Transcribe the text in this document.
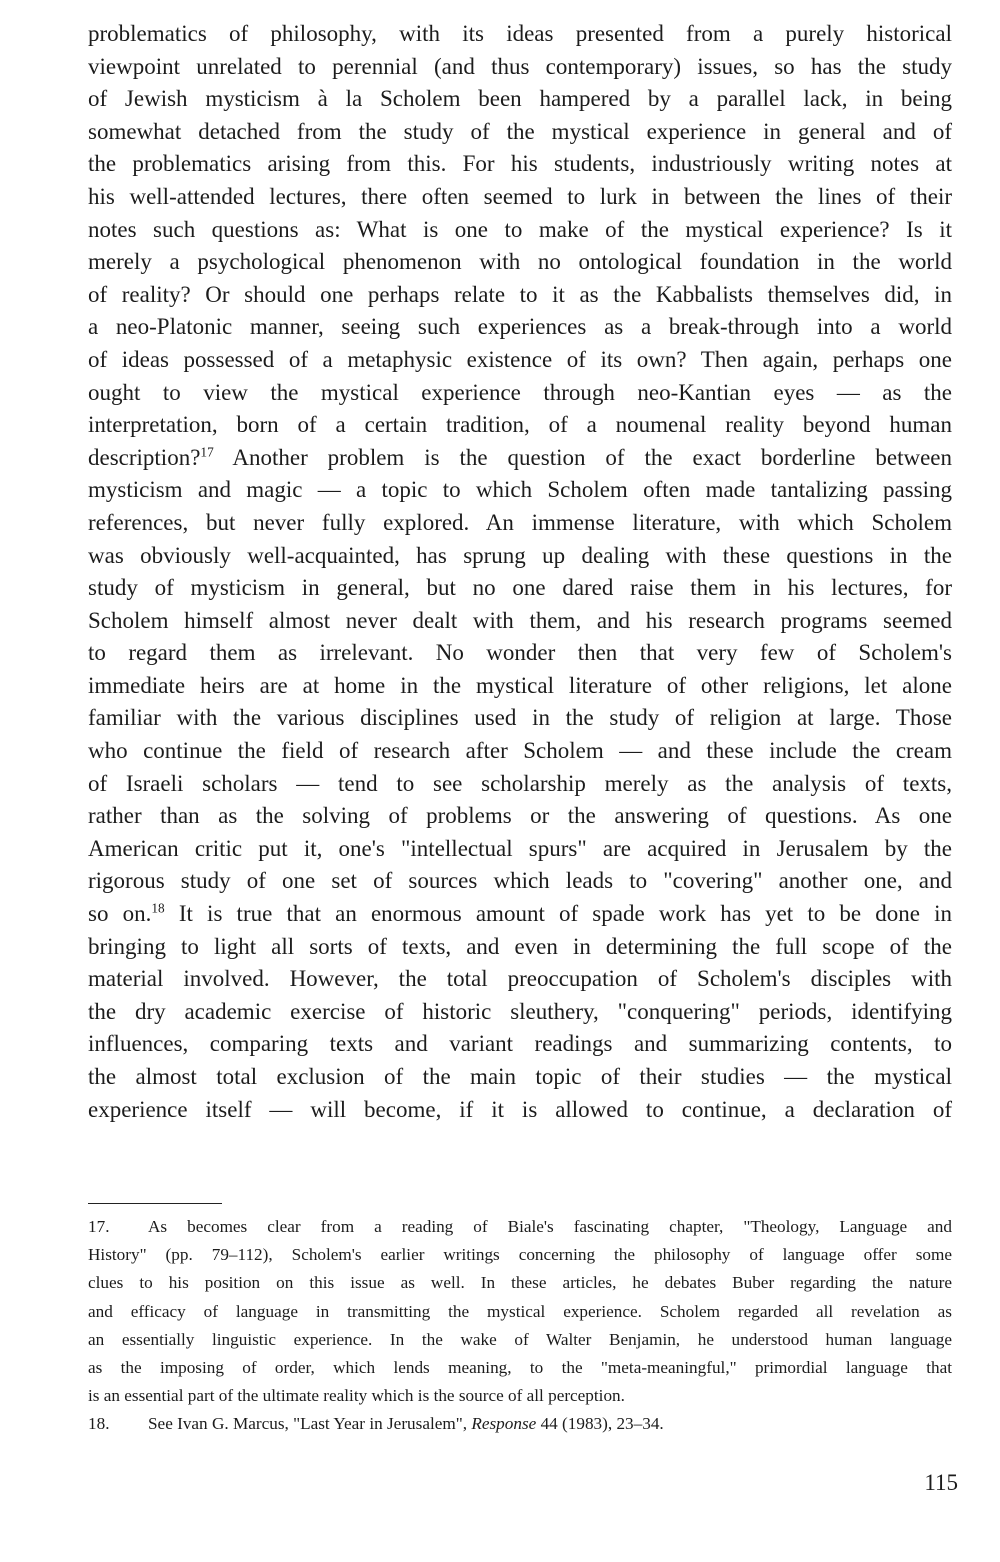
problematics of philosophy, with its ideas presented from a purely historical
viewpoint unrelated to perennial (and thus contemporary) issues, so has the study
of Jewish mysticism à la Scholem been hampered by a parallel lack, in being
somewhat detached from the study of the mystical experience in general and of
the problematics arising from this. For his students, industriously writing notes at
his well-attended lectures, there often seemed to lurk in between the lines of their
notes such questions as: What is one to make of the mystical experience? Is it
merely a psychological phenomenon with no ontological foundation in the world
of reality? Or should one perhaps relate to it as the Kabbalists themselves did, in
a neo-Platonic manner, seeing such experiences as a break-through into a world
of ideas possessed of a metaphysic existence of its own? Then again, perhaps one
ought to view the mystical experience through neo-Kantian eyes — as the
interpretation, born of a certain tradition, of a noumenal reality beyond human
description?$^{17}$ Another problem is the question of the exact borderline between
mysticism and magic — a topic to which Scholem often made tantalizing passing
references, but never fully explored. An immense literature, with which Scholem
was obviously well-acquainted, has sprung up dealing with these questions in the
study of mysticism in general, but no one dared raise them in his lectures, for
Scholem himself almost never dealt with them, and his research programs seemed
to regard them as irrelevant. No wonder then that very few of Scholem's
immediate heirs are at home in the mystical literature of other religions, let alone
familiar with the various disciplines used in the study of religion at large. Those
who continue the field of research after Scholem — and these include the cream
of Israeli scholars — tend to see scholarship merely as the analysis of texts,
rather than as the solving of problems or the answering of questions. As one
American critic put it, one's "intellectual spurs" are acquired in Jerusalem by the
rigorous study of one set of sources which leads to "covering" another one, and
so on.$^{18}$ It is true that an enormous amount of spade work has yet to be done in
bringing to light all sorts of texts, and even in determining the full scope of the
material involved. However, the total preoccupation of Scholem's disciples with
the dry academic exercise of historic sleuthery, "conquering" periods, identifying
influences, comparing texts and variant readings and summarizing contents, to
the almost total exclusion of the main topic of their studies — the mystical
experience itself — will become, if it is allowed to continue, a declaration of
17. As becomes clear from a reading of Biale's fascinating chapter, "Theology, Language and
History" (pp. 79–112), Scholem's earlier writings concerning the philosophy of language offer some
clues to his position on this issue as well. In these articles, he debates Buber regarding the nature
and efficacy of language in transmitting the mystical experience. Scholem regarded all revelation as
an essentially linguistic experience. In the wake of Walter Benjamin, he understood human language
as the imposing of order, which lends meaning, to the "meta-meaningful," primordial language that
is an essential part of the ultimate reality which is the source of all perception.
18. See Ivan G. Marcus, "Last Year in Jerusalem", Response 44 (1983), 23–34.
115
